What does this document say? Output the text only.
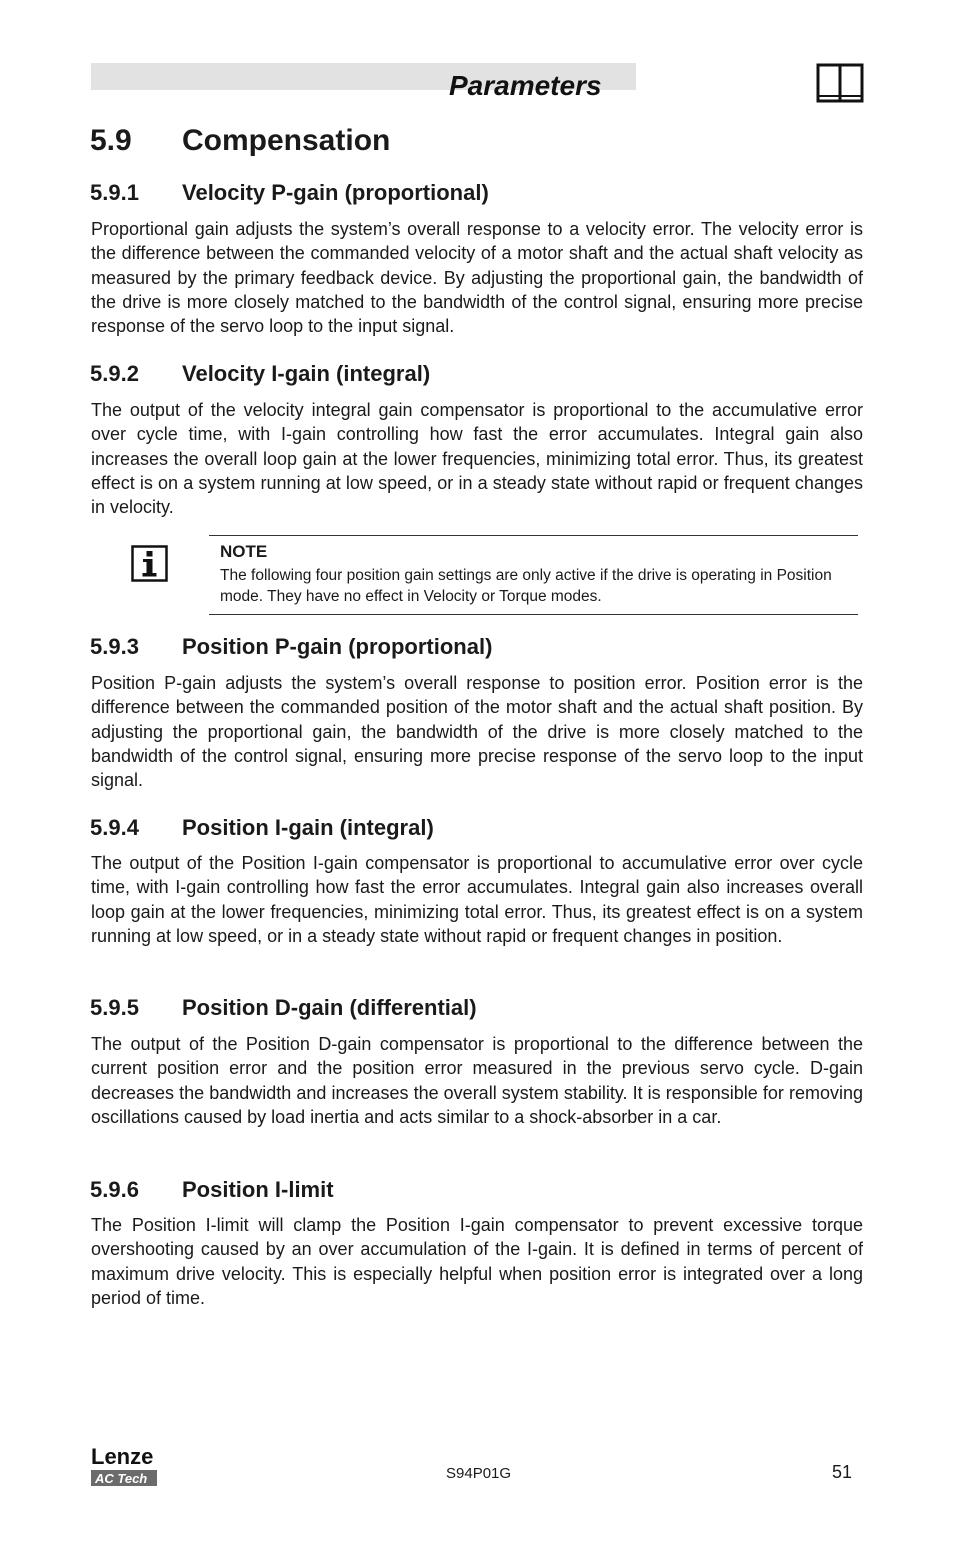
Parameters
5.9 Compensation
5.9.1 Velocity P-gain (proportional)

Proportional gain adjusts the system’s overall response to a velocity error. The velocity error is the difference between the commanded velocity of a motor shaft and the actual shaft velocity as measured by the primary feedback device. By adjusting the proportional gain, the bandwidth of the drive is more closely matched to the bandwidth of the control signal, ensuring more precise response of the servo loop to the input signal.

5.9.2 Velocity I-gain (integral)

The output of the velocity integral gain compensator is proportional to the accumulative error over cycle time, with I-gain controlling how fast the error accumulates. Integral gain also increases the overall loop gain at the lower frequencies, minimizing total error. Thus, its greatest effect is on a system running at low speed, or in a steady state without rapid or frequent changes in velocity.

NOTE

The following four position gain settings are only active if the drive is operating in Position mode. They have no effect in Velocity or Torque modes.

5.9.3 Position P-gain (proportional)

Position P-gain adjusts the system’s overall response to position error. Position error is the difference between the commanded position of the motor shaft and the actual shaft position. By adjusting the proportional gain, the bandwidth of the drive is more closely matched to the bandwidth of the control signal, ensuring more precise response of the servo loop to the input signal.

5.9.4 Position I-gain (integral)

The output of the Position I-gain compensator is proportional to accumulative error over cycle time, with I-gain controlling how fast the error accumulates. Integral gain also increases overall loop gain at the lower frequencies, minimizing total error. Thus, its greatest effect is on a system running at low speed, or in a steady state without rapid or frequent changes in position.

5.9.5 Position D-gain (differential)

The output of the Position D-gain compensator is proportional to the difference between the current position error and the position error measured in the previous servo cycle. D-gain decreases the bandwidth and increases the overall system stability. It is responsible for removing oscillations caused by load inertia and acts similar to a shock-absorber in a car.

5.9.6 Position I-limit

The Position I-limit will clamp the Position I-gain compensator to prevent excessive torque overshooting caused by an over accumulation of the I-gain. It is defined in terms of percent of maximum drive velocity. This is especially helpful when position error is integrated over a long period of time.

Lenze
AC Tech	S94P01G	51
